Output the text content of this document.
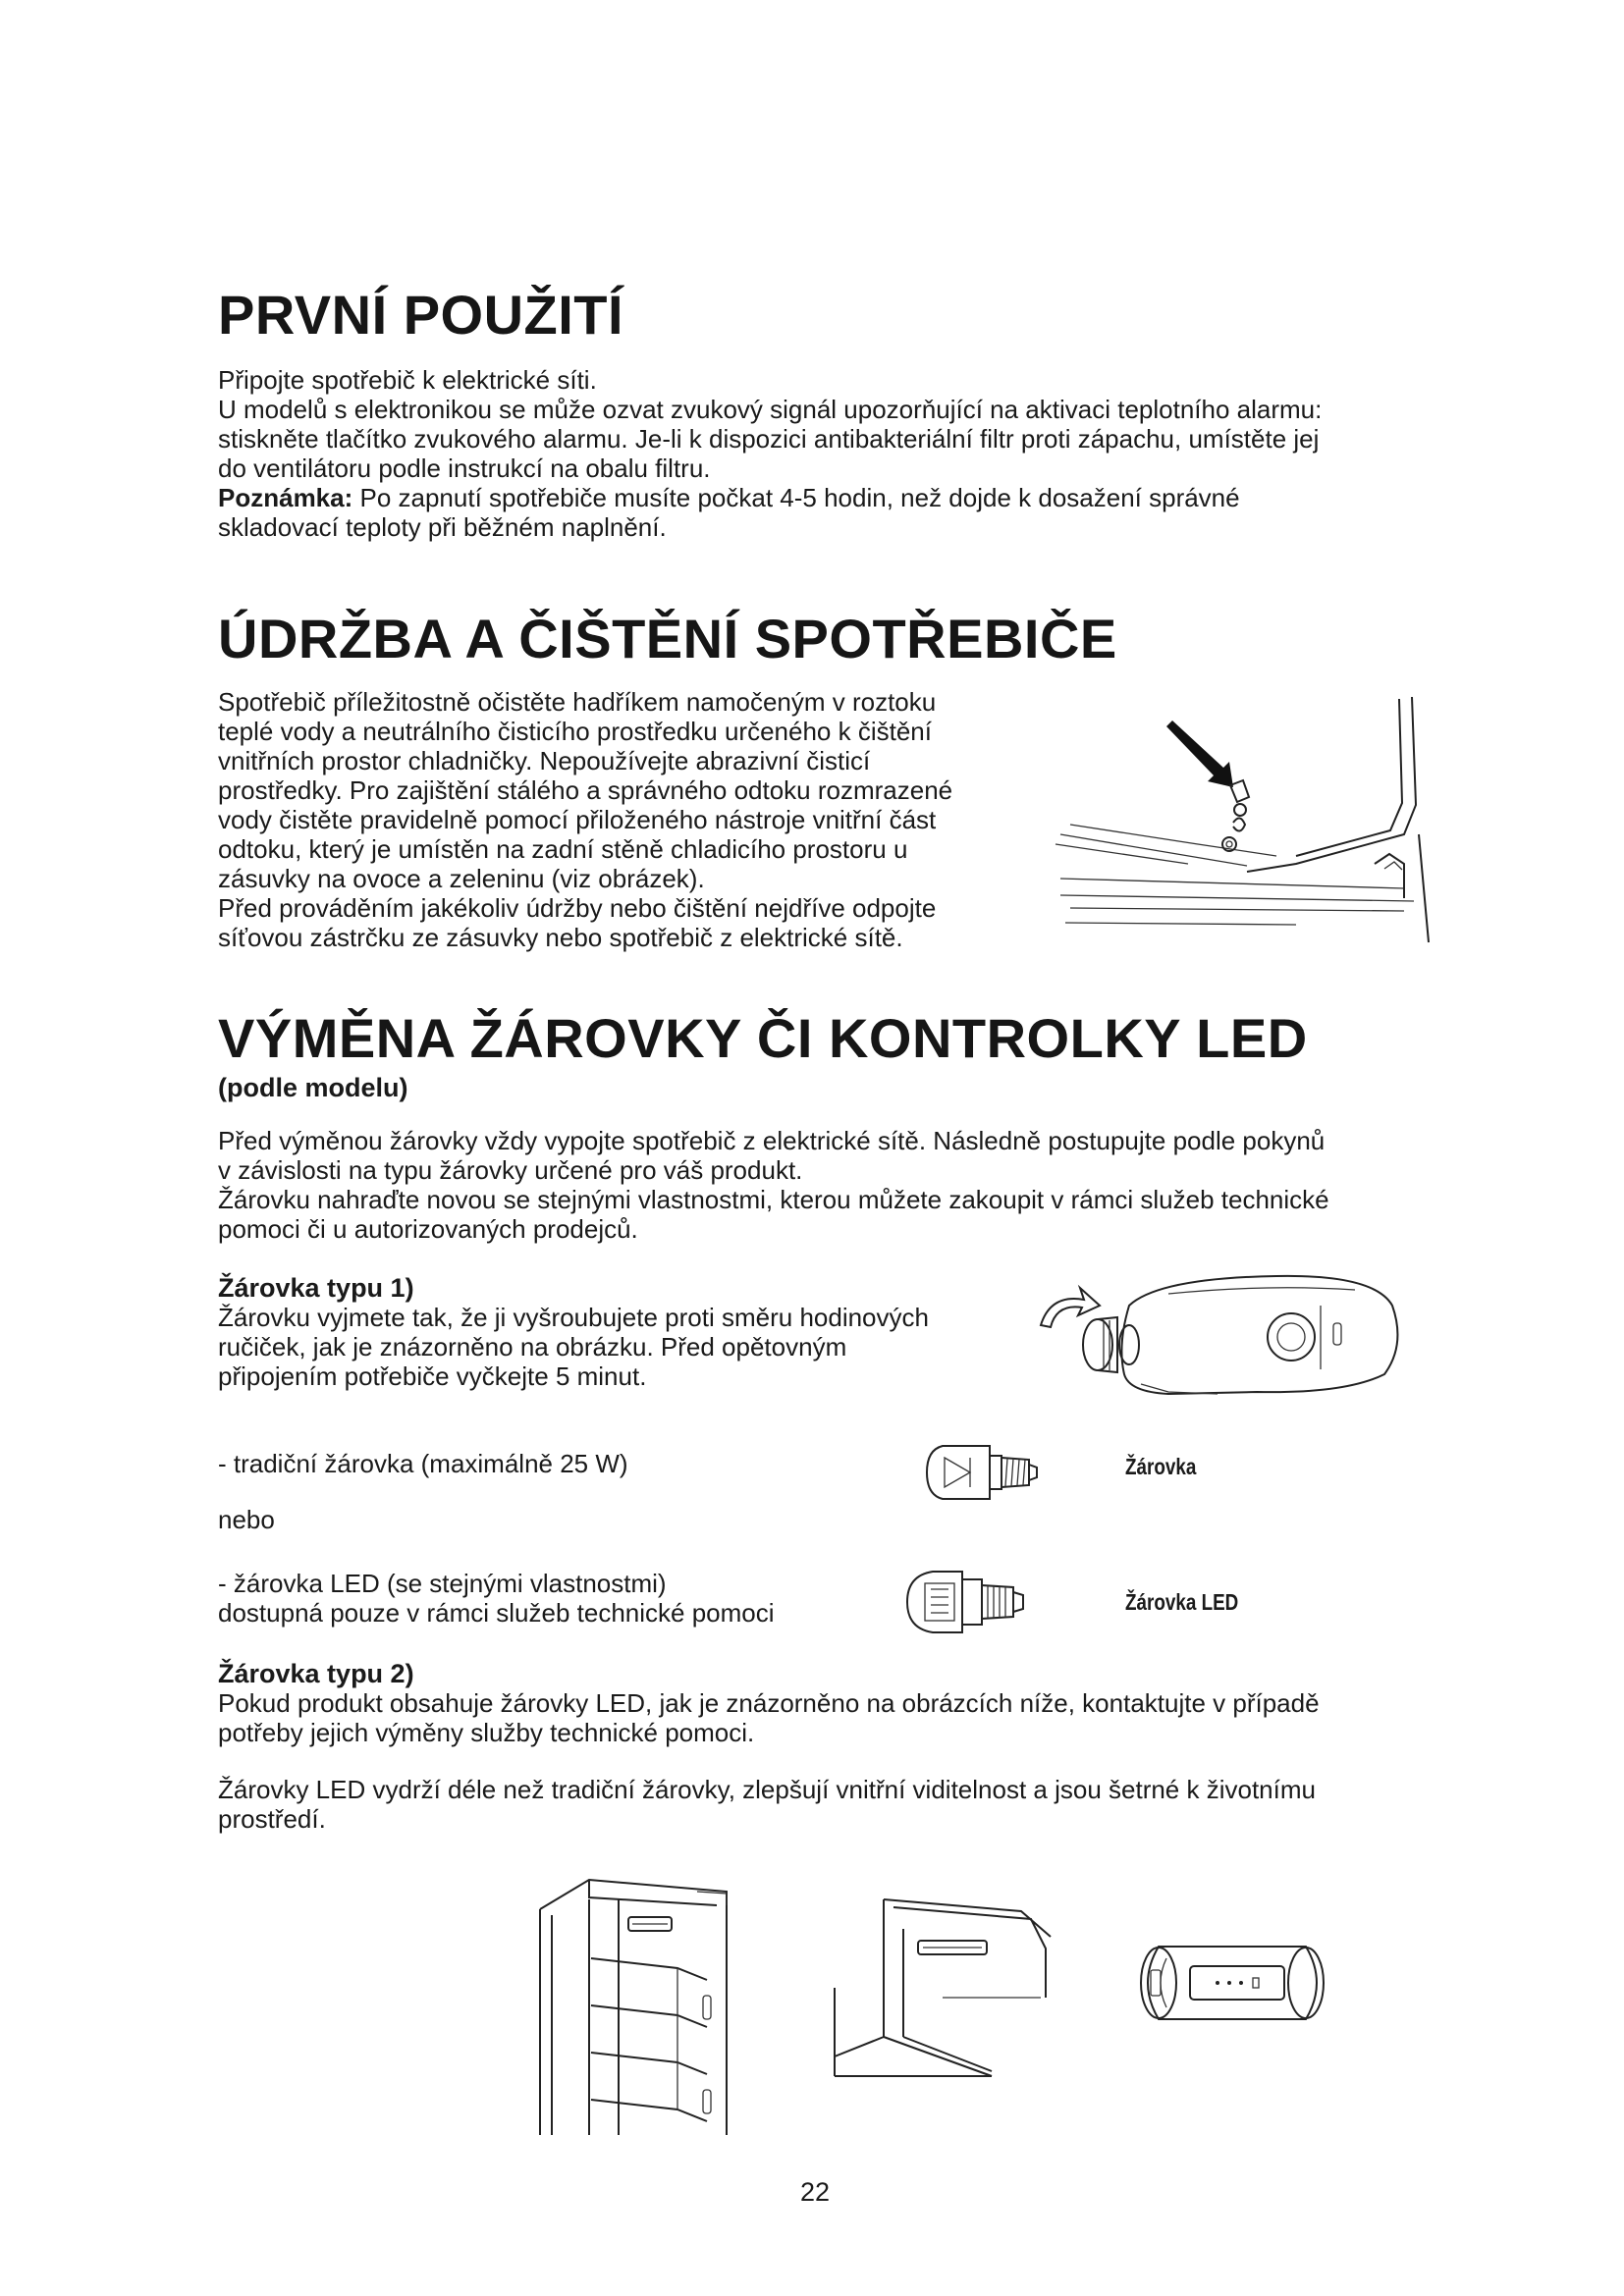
PRVNÍ POUŽITÍ
Připojte spotřebič k elektrické síti.
U modelů s elektronikou se může ozvat zvukový signál upozorňující na aktivaci teplotního alarmu:
stiskněte tlačítko zvukového alarmu. Je-li k dispozici antibakteriální filtr proti zápachu, umístěte jej
do ventilátoru podle instrukcí na obalu filtru.
Poznámka: Po zapnutí spotřebiče musíte počkat 4-5 hodin, než dojde k dosažení správné
skladovací teploty při běžném naplnění.
ÚDRŽBA A ČIŠTĚNÍ SPOTŘEBIČE
Spotřebič příležitostně očistěte hadříkem namočeným v roztoku
teplé vody a neutrálního čisticího prostředku určeného k čištění
vnitřních prostor chladničky. Nepoužívejte abrazivní čisticí
prostředky. Pro zajištění stálého a správného odtoku rozmrazené
vody čistěte pravidelně pomocí přiloženého nástroje vnitřní část
odtoku, který je umístěn na zadní stěně chladicího prostoru u
zásuvky na ovoce a zeleninu (viz obrázek).
Před prováděním jakékoliv údržby nebo čištění nejdříve odpojte
síťovou zástrčku ze zásuvky nebo spotřebič z elektrické sítě.
VÝMĚNA ŽÁROVKY ČI KONTROLKY LED
(podle modelu)
Před výměnou žárovky vždy vypojte spotřebič z elektrické sítě. Následně postupujte podle pokynů
v závislosti na typu žárovky určené pro váš produkt.
Žárovku nahraďte novou se stejnými vlastnostmi, kterou můžete zakoupit v rámci služeb technické
pomoci či u autorizovaných prodejců.
Žárovka typu 1)
Žárovku vyjmete tak, že ji vyšroubujete proti směru hodinových
ručiček, jak je znázorněno na obrázku. Před opětovným
připojením potřebiče vyčkejte 5 minut.
- tradiční žárovka (maximálně 25 W)
nebo
- žárovka LED (se stejnými vlastnostmi)
dostupná pouze v rámci služeb technické pomoci
Žárovka
Žárovka LED
Žárovka typu 2)
Pokud produkt obsahuje žárovky LED, jak je znázorněno na obrázcích níže, kontaktujte v případě
potřeby jejich výměny služby technické pomoci.
Žárovky LED vydrží déle než tradiční žárovky, zlepšují vnitřní viditelnost a jsou šetrné k životnímu
prostředí.
22
